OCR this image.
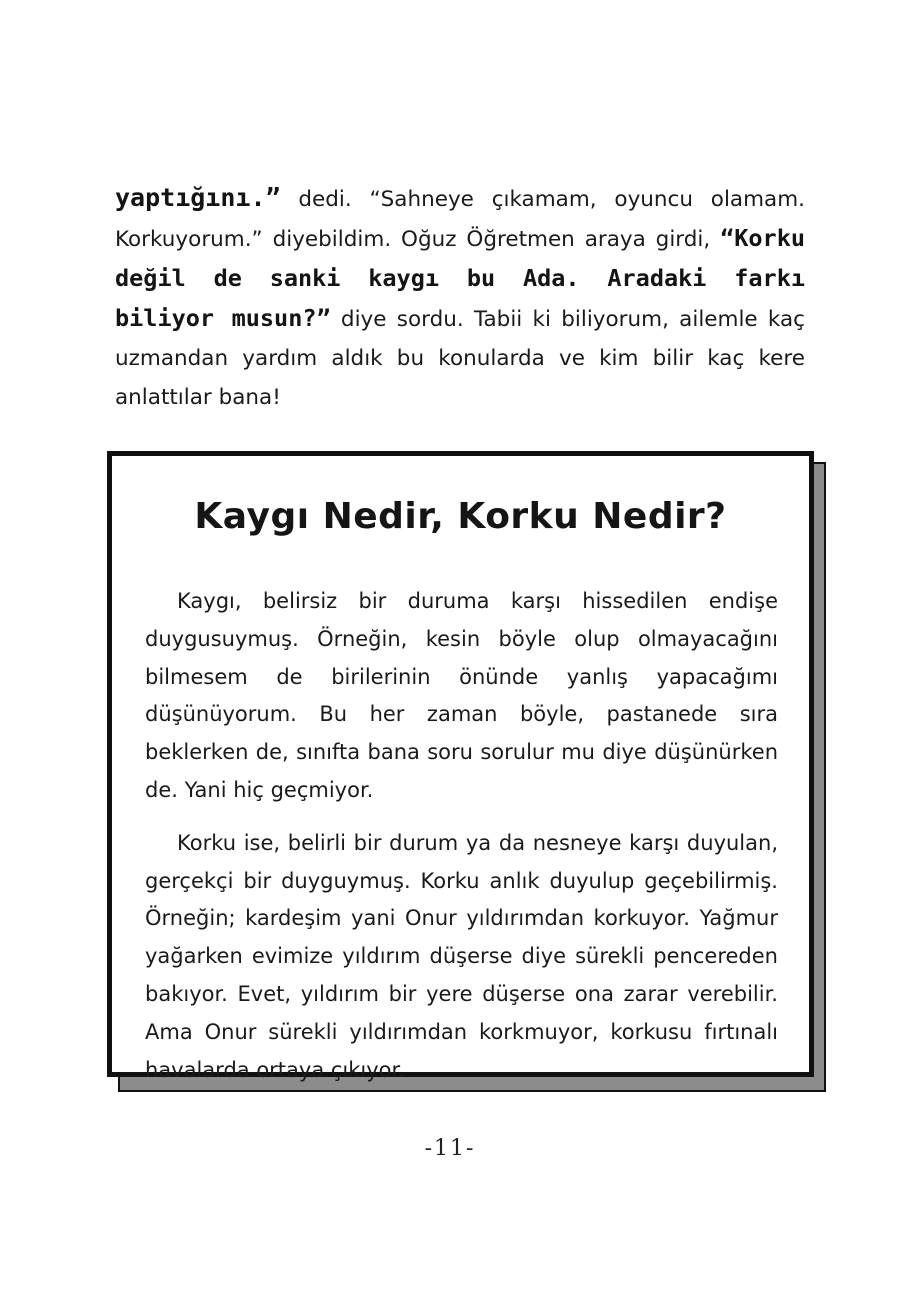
yaptığını.” dedi. “Sahneye çıkamam, oyuncu olamam. Korkuyorum.” diyebildim. Oğuz Öğretmen araya girdi, “Korku değil de sanki kaygı bu Ada. Aradaki farkı biliyor musun?” diye sordu. Tabii ki biliyorum, ailemle kaç uzmandan yardım aldık bu konularda ve kim bilir kaç kere anlattılar bana!
Kaygı Nedir, Korku Nedir?

Kaygı, belirsiz bir duruma karşı hissedilen endişe duygusuymuş. Örneğin, kesin böyle olup olmayacağını bilmesem de birilerinin önünde yanlış yapacağımı düşünüyorum. Bu her zaman böyle, pastanede sıra beklerken de, sınıfta bana soru sorulur mu diye düşünürken de. Yani hiç geçmiyor.

Korku ise, belirli bir durum ya da nesneye karşı duyulan, gerçekçi bir duyguymuş. Korku anlık duyulup geçebilirmiş. Örneğin; kardeşim yani Onur yıldırımdan korkuyor. Yağmur yağarken evimize yıldırım düşerse diye sürekli pencereden bakıyor. Evet, yıldırım bir yere düşerse ona zarar verebilir. Ama Onur sürekli yıldırımdan korkmuyor, korkusu fırtınalı havalarda ortaya çıkıyor.

-11-
